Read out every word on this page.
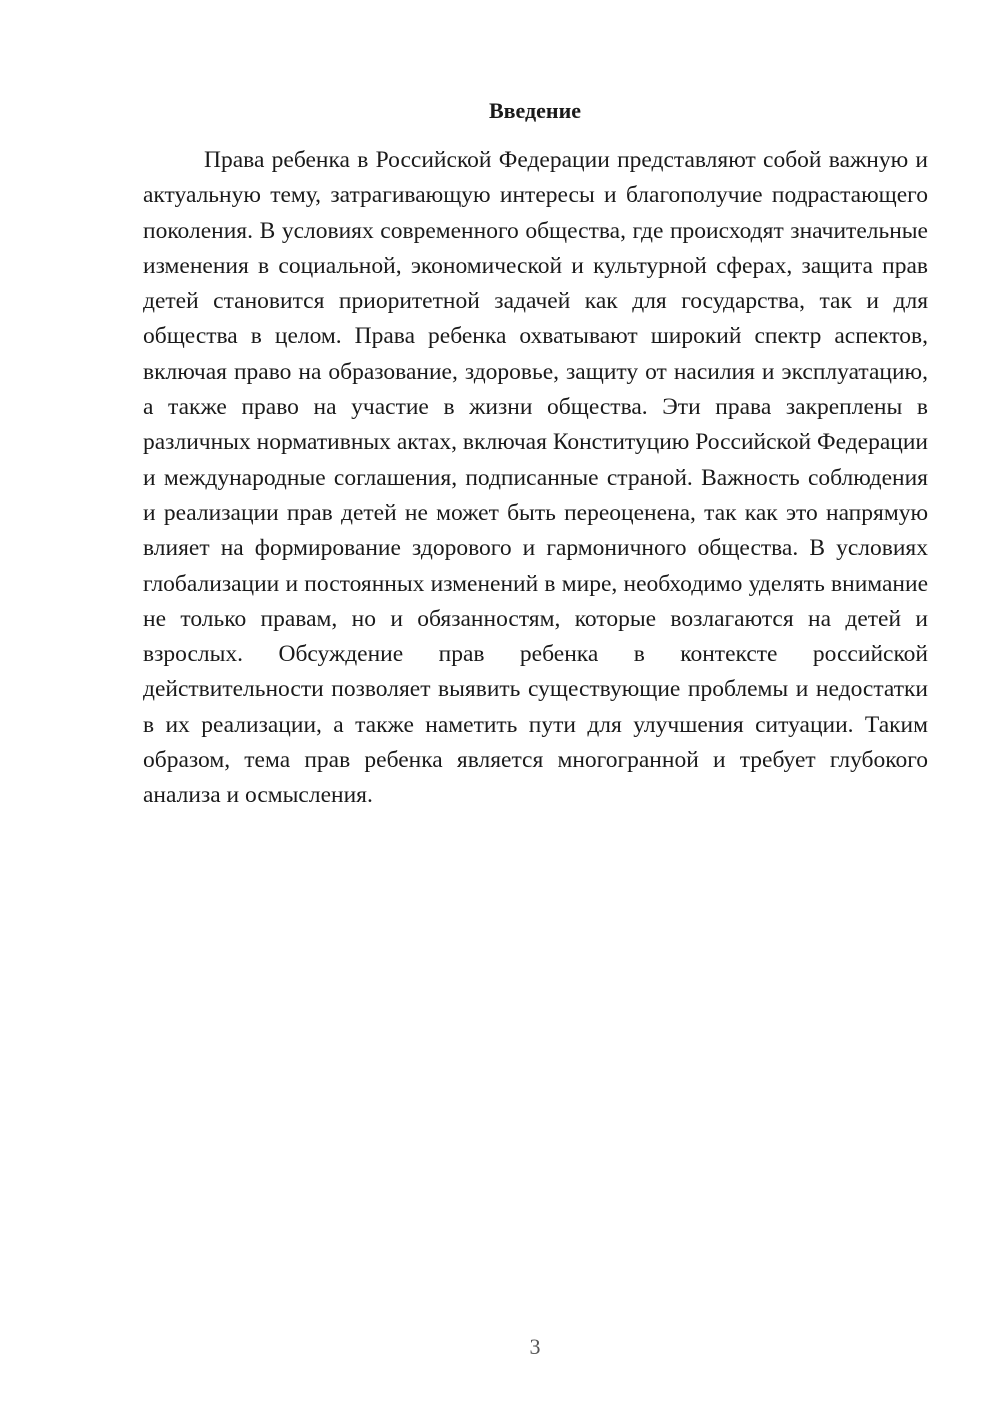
Введение

Права ребенка в Российской Федерации представляют собой важную и актуальную тему, затрагивающую интересы и благополучие подрастающего поколения. В условиях современного общества, где происходят значительные изменения в социальной, экономической и культурной сферах, защита прав детей становится приоритетной задачей как для государства, так и для общества в целом. Права ребенка охватывают широкий спектр аспектов, включая право на образование, здоровье, защиту от насилия и эксплуатацию, а также право на участие в жизни общества. Эти права закреплены в различных нормативных актах, включая Конституцию Российской Федерации и международные соглашения, подписанные страной. Важность соблюдения и реализации прав детей не может быть переоценена, так как это напрямую влияет на формирование здорового и гармоничного общества. В условиях глобализации и постоянных изменений в мире, необходимо уделять внимание не только правам, но и обязанностям, которые возлагаются на детей и взрослых. Обсуждение прав ребенка в контексте российской действительности позволяет выявить существующие проблемы и недостатки в их реализации, а также наметить пути для улучшения ситуации. Таким образом, тема прав ребенка является многогранной и требует глубокого анализа и осмысления.

3
